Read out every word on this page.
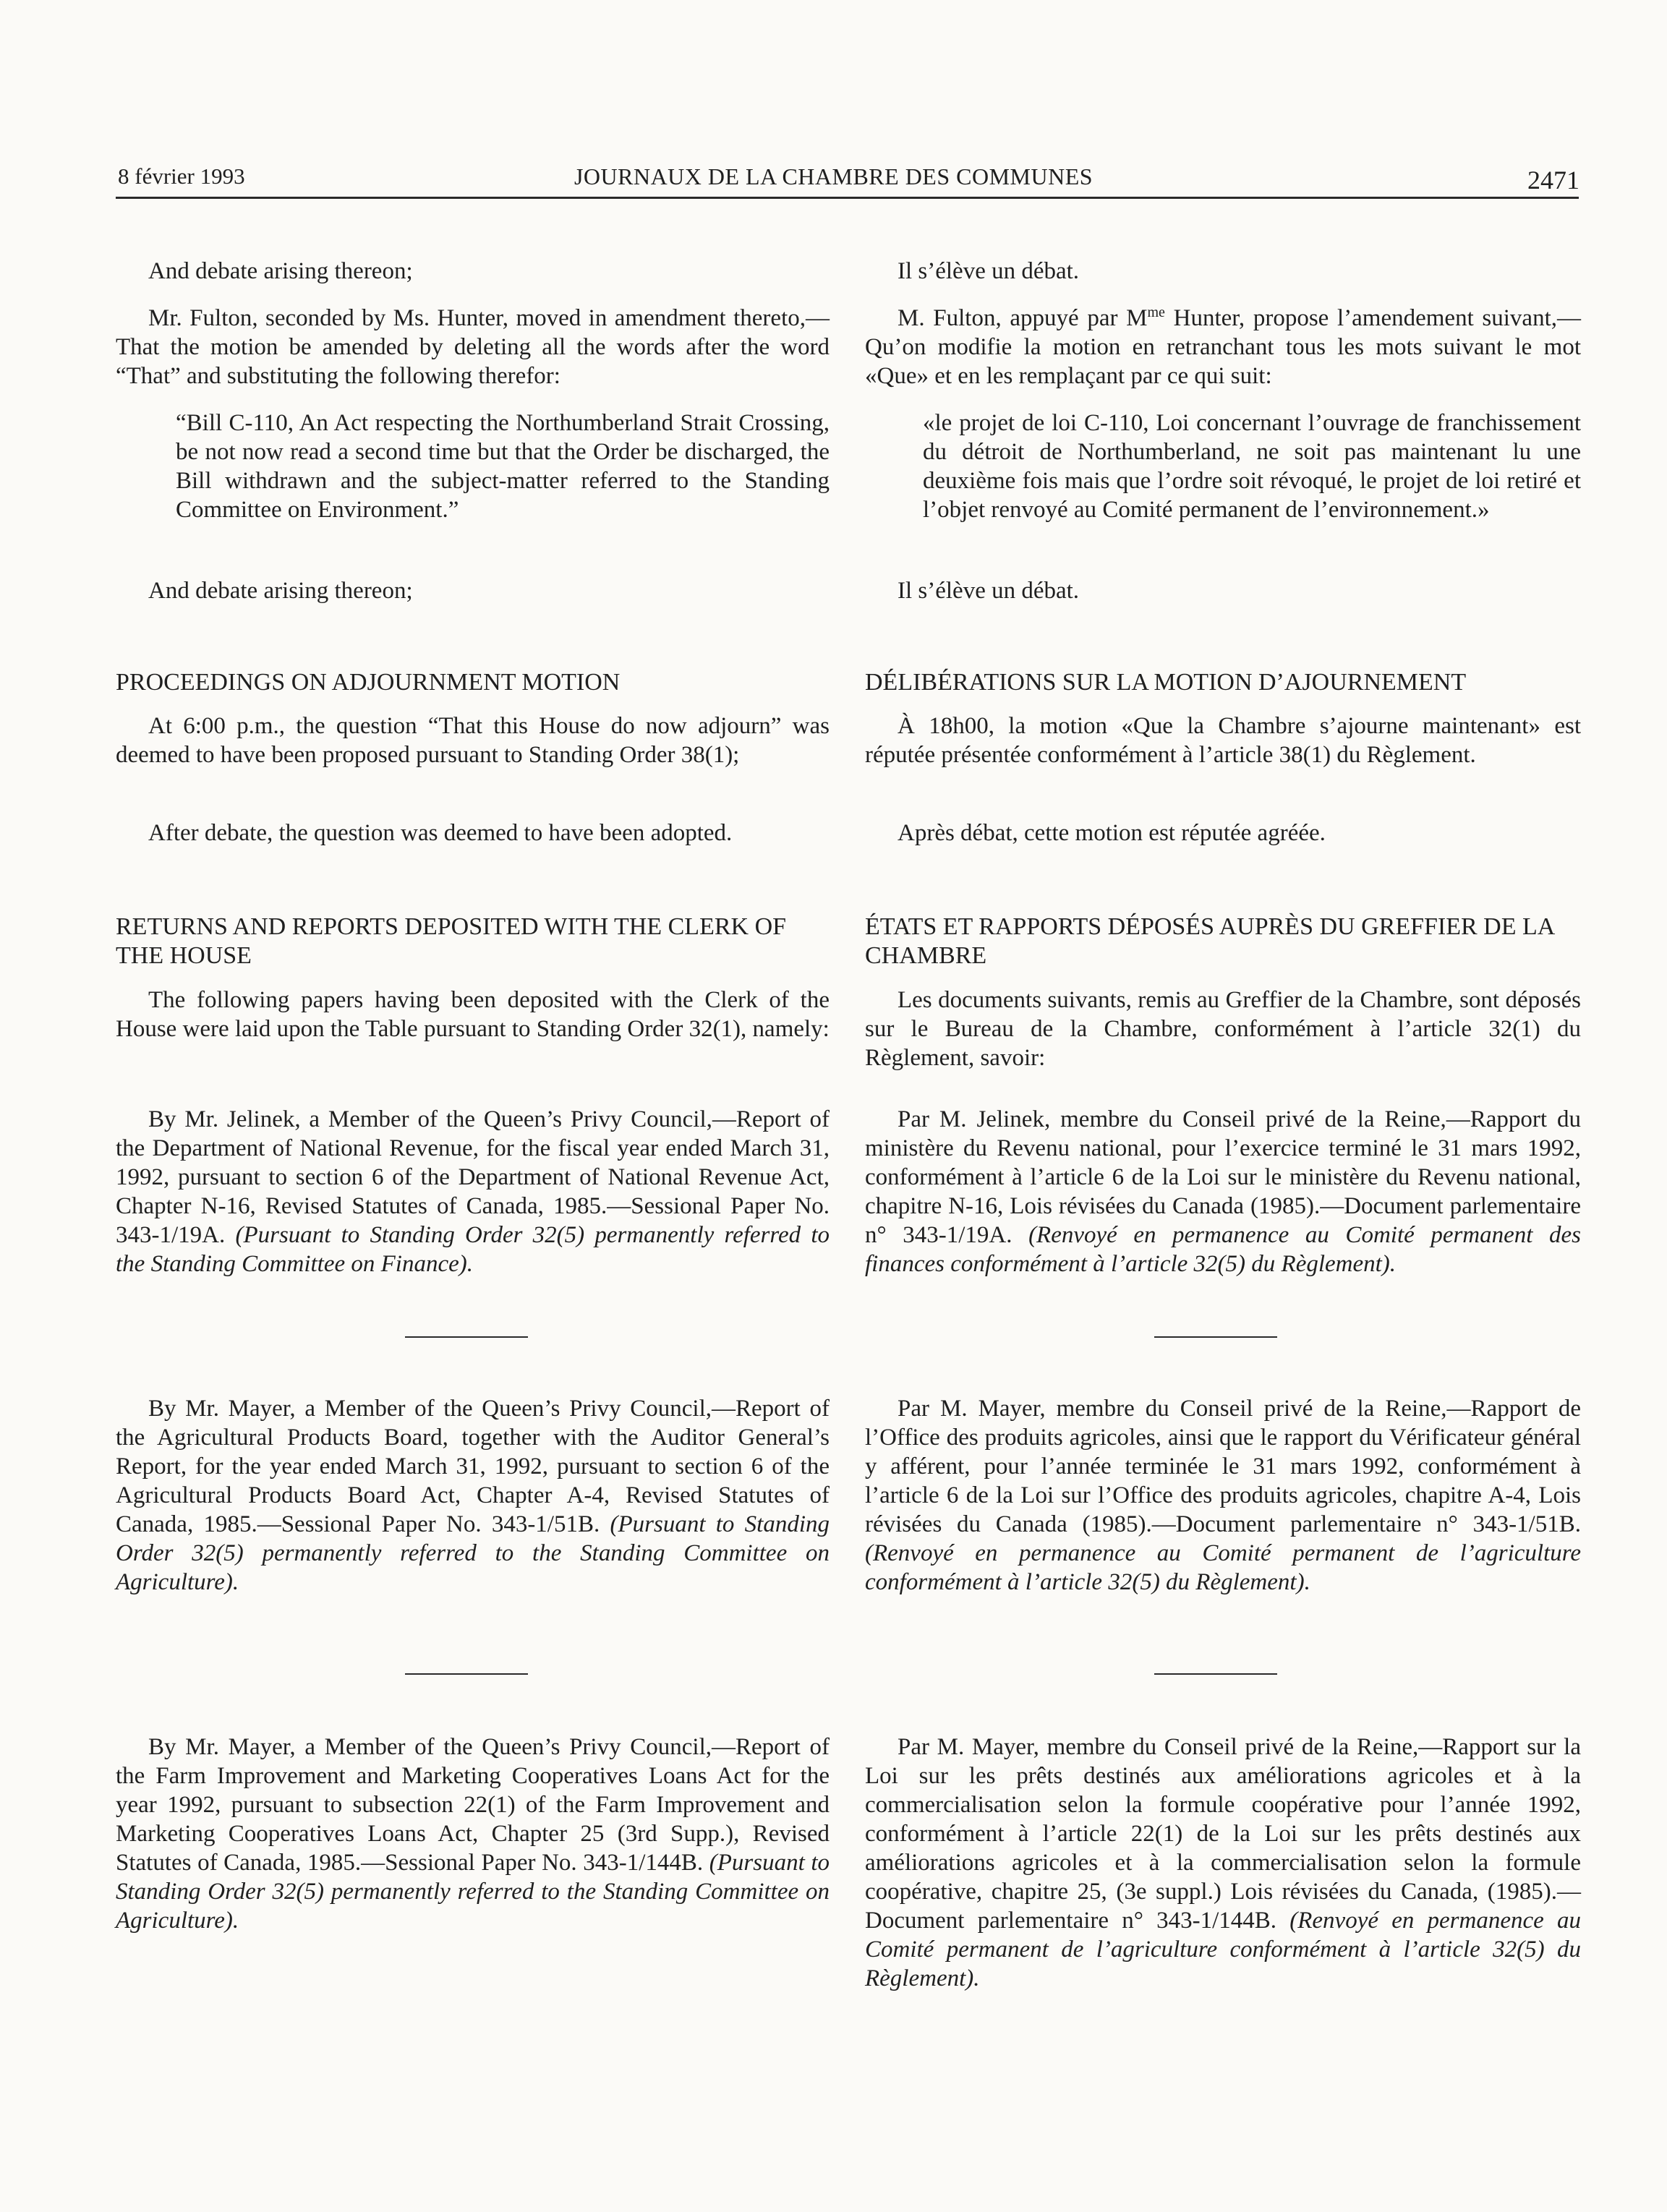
8 février 1993	JOURNAUX DE LA CHAMBRE DES COMMUNES	2471

And debate arising thereon;

Mr. Fulton, seconded by Ms. Hunter, moved in amendment thereto,—That the motion be amended by deleting all the words after the word “That” and substituting the following therefor:

“Bill C-110, An Act respecting the Northumberland Strait Crossing, be not now read a second time but that the Order be discharged, the Bill withdrawn and the subject-matter referred to the Standing Committee on Environment.”

And debate arising thereon;

PROCEEDINGS ON ADJOURNMENT MOTION

At 6:00 p.m., the question “That this House do now adjourn” was deemed to have been proposed pursuant to Standing Order 38(1);

After debate, the question was deemed to have been adopted.

RETURNS AND REPORTS DEPOSITED WITH THE CLERK OF THE HOUSE

The following papers having been deposited with the Clerk of the House were laid upon the Table pursuant to Standing Order 32(1), namely:

By Mr. Jelinek, a Member of the Queen’s Privy Council,—Report of the Department of National Revenue, for the fiscal year ended March 31, 1992, pursuant to section 6 of the Department of National Revenue Act, Chapter N-16, Revised Statutes of Canada, 1985.—Sessional Paper No. 343-1/19A. (Pursuant to Standing Order 32(5) permanently referred to the Standing Committee on Finance).

By Mr. Mayer, a Member of the Queen’s Privy Council,—Report of the Agricultural Products Board, together with the Auditor General’s Report, for the year ended March 31, 1992, pursuant to section 6 of the Agricultural Products Board Act, Chapter A-4, Revised Statutes of Canada, 1985.—Sessional Paper No. 343-1/51B. (Pursuant to Standing Order 32(5) permanently referred to the Standing Committee on Agriculture).

By Mr. Mayer, a Member of the Queen’s Privy Council,—Report of the Farm Improvement and Marketing Cooperatives Loans Act for the year 1992, pursuant to subsection 22(1) of the Farm Improvement and Marketing Cooperatives Loans Act, Chapter 25 (3rd Supp.), Revised Statutes of Canada, 1985.—Sessional Paper No. 343-1/144B. (Pursuant to Standing Order 32(5) permanently referred to the Standing Committee on Agriculture).

Il s’élève un débat.

M. Fulton, appuyé par $M^{me}$ Hunter, propose l’amendement suivant,—Qu’on modifie la motion en retranchant tous les mots suivant le mot «Que» et en les remplaçant par ce qui suit:

«le projet de loi C-110, Loi concernant l’ouvrage de franchissement du détroit de Northumberland, ne soit pas maintenant lu une deuxième fois mais que l’ordre soit révoqué, le projet de loi retiré et l’objet renvoyé au Comité permanent de l’environnement.»

Il s’élève un débat.

DÉLIBÉRATIONS SUR LA MOTION D’AJOURNEMENT

À 18h00, la motion «Que la Chambre s’ajourne maintenant» est réputée présentée conformément à l’article 38(1) du Règlement.

Après débat, cette motion est réputée agréée.

ÉTATS ET RAPPORTS DÉPOSÉS AUPRÈS DU GREFFIER DE LA CHAMBRE

Les documents suivants, remis au Greffier de la Chambre, sont déposés sur le Bureau de la Chambre, conformément à l’article 32(1) du Règlement, savoir:

Par M. Jelinek, membre du Conseil privé de la Reine,—Rapport du ministère du Revenu national, pour l’exercice terminé le 31 mars 1992, conformément à l’article 6 de la Loi sur le ministère du Revenu national, chapitre N-16, Lois révisées du Canada (1985).—Document parlementaire n° 343-1/19A. (Renvoyé en permanence au Comité permanent des finances conformément à l’article 32(5) du Règlement).

Par M. Mayer, membre du Conseil privé de la Reine,—Rapport de l’Office des produits agricoles, ainsi que le rapport du Vérificateur général y afférent, pour l’année terminée le 31 mars 1992, conformément à l’article 6 de la Loi sur l’Office des produits agricoles, chapitre A-4, Lois révisées du Canada (1985).—Document parlementaire n° 343-1/51B. (Renvoyé en permanence au Comité permanent de l’agriculture conformément à l’article 32(5) du Règlement).

Par M. Mayer, membre du Conseil privé de la Reine,—Rapport sur la Loi sur les prêts destinés aux améliorations agricoles et à la commercialisation selon la formule coopérative pour l’année 1992, conformément à l’article 22(1) de la Loi sur les prêts destinés aux améliorations agricoles et à la commercialisation selon la formule coopérative, chapitre 25, (3e suppl.) Lois révisées du Canada, (1985).—Document parlementaire n° 343-1/144B. (Renvoyé en permanence au Comité permanent de l’agriculture conformément à l’article 32(5) du Règlement).
